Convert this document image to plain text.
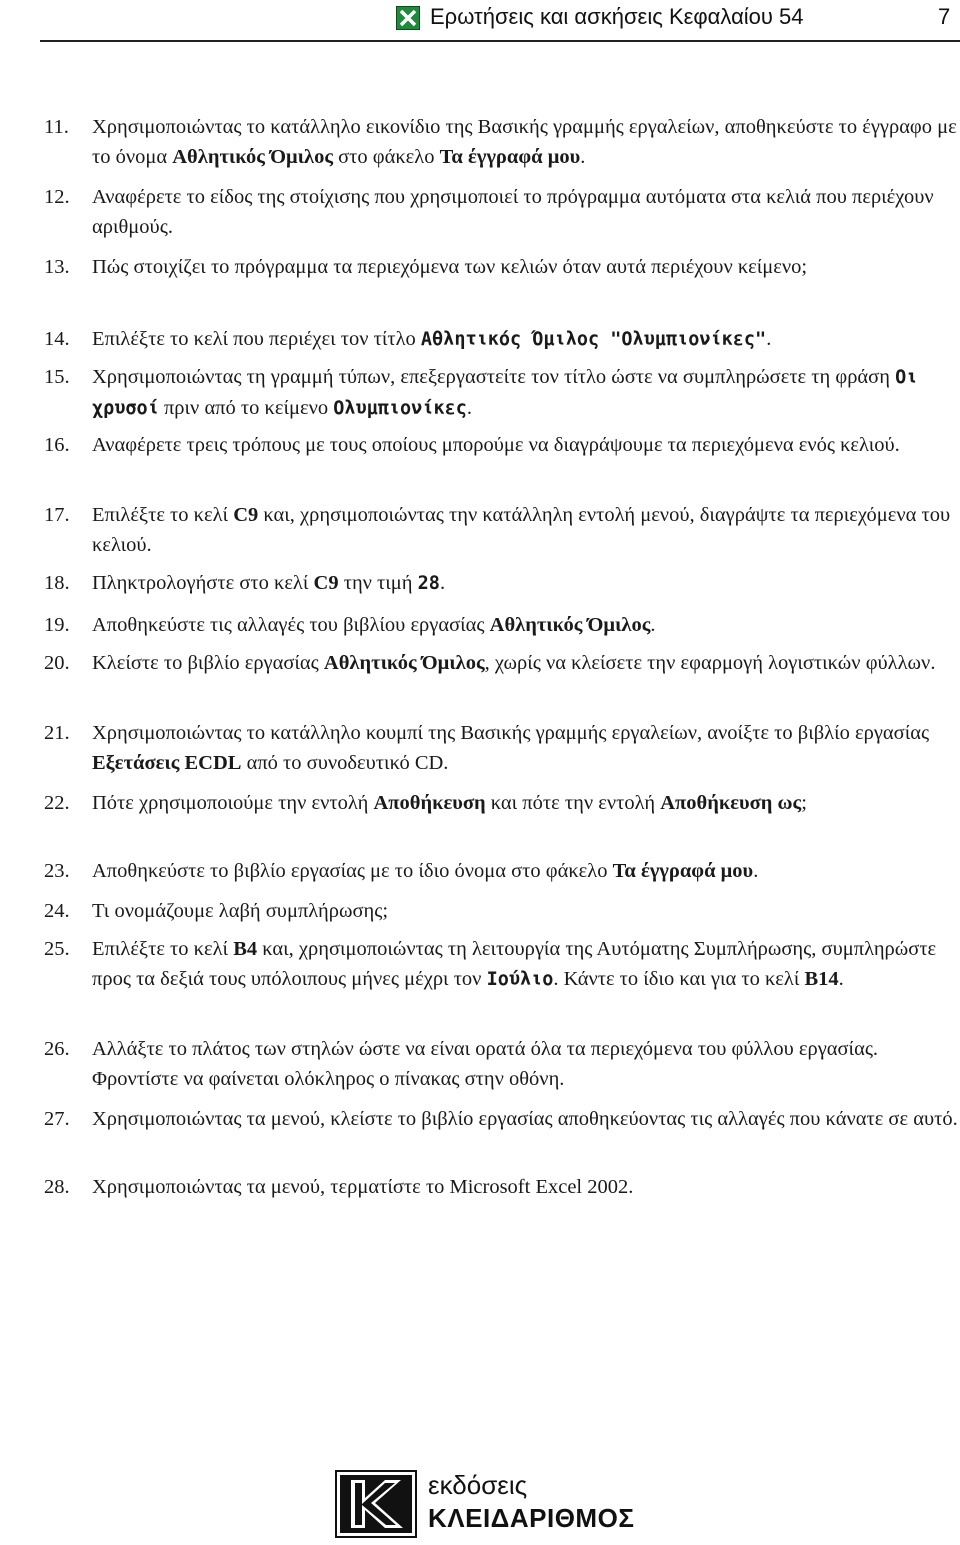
Ερωτήσεις και ασκήσεις Κεφαλαίου 54	7
11.	Χρησιμοποιώντας το κατάλληλο εικονίδιο της Βασικής γραμμής εργαλείων, αποθηκεύστε το έγγραφο με το όνομα Αθλητικός Όμιλος στο φάκελο Τα έγγραφά μου.
12.	Αναφέρετε το είδος της στοίχισης που χρησιμοποιεί το πρόγραμμα αυτόματα στα κελιά που περιέχουν αριθμούς.
13.	Πώς στοιχίζει το πρόγραμμα τα περιεχόμενα των κελιών όταν αυτά περιέχουν κείμενο;
14.	Επιλέξτε το κελί που περιέχει τον τίτλο Αθλητικός Όμιλος "Ολυμπιονίκες".
15.	Χρησιμοποιώντας τη γραμμή τύπων, επεξεργαστείτε τον τίτλο ώστε να συμπληρώσετε τη φράση Οι χρυσοί πριν από το κείμενο Ολυμπιονίκες.
16.	Αναφέρετε τρεις τρόπους με τους οποίους μπορούμε να διαγράψουμε τα περιεχόμενα ενός κελιού.
17.	Επιλέξτε το κελί C9 και, χρησιμοποιώντας την κατάλληλη εντολή μενού, διαγράψτε τα περιεχόμενα του κελιού.
18.	Πληκτρολογήστε στο κελί C9 την τιμή 28.
19.	Αποθηκεύστε τις αλλαγές του βιβλίου εργασίας Αθλητικός Όμιλος.
20.	Κλείστε το βιβλίο εργασίας Αθλητικός Όμιλος, χωρίς να κλείσετε την εφαρμογή λογιστικών φύλλων.
21.	Χρησιμοποιώντας το κατάλληλο κουμπί της Βασικής γραμμής εργαλείων, ανοίξτε το βιβλίο εργασίας Εξετάσεις ECDL από το συνοδευτικό CD.
22.	Πότε χρησιμοποιούμε την εντολή Αποθήκευση και πότε την εντολή Αποθήκευση ως;
23.	Αποθηκεύστε το βιβλίο εργασίας με το ίδιο όνομα στο φάκελο Τα έγγραφά μου.
24.	Τι ονομάζουμε λαβή συμπλήρωσης;
25.	Επιλέξτε το κελί B4 και, χρησιμοποιώντας τη λειτουργία της Αυτόματης Συμπλήρωσης, συμπληρώστε προς τα δεξιά τους υπόλοιπους μήνες μέχρι τον Ιούλιο. Κάντε το ίδιο και για το κελί B14.
26.	Αλλάξτε το πλάτος των στηλών ώστε να είναι ορατά όλα τα περιεχόμενα του φύλλου εργασίας. Φροντίστε να φαίνεται ολόκληρος ο πίνακας στην οθόνη.
27.	Χρησιμοποιώντας τα μενού, κλείστε το βιβλίο εργασίας αποθηκεύοντας τις αλλαγές που κάνατε σε αυτό.
28.	Χρησιμοποιώντας τα μενού, τερματίστε το Microsoft Excel 2002.
εκδόσεις
ΚΛΕΙΔΑΡΙΘΜΟΣ
